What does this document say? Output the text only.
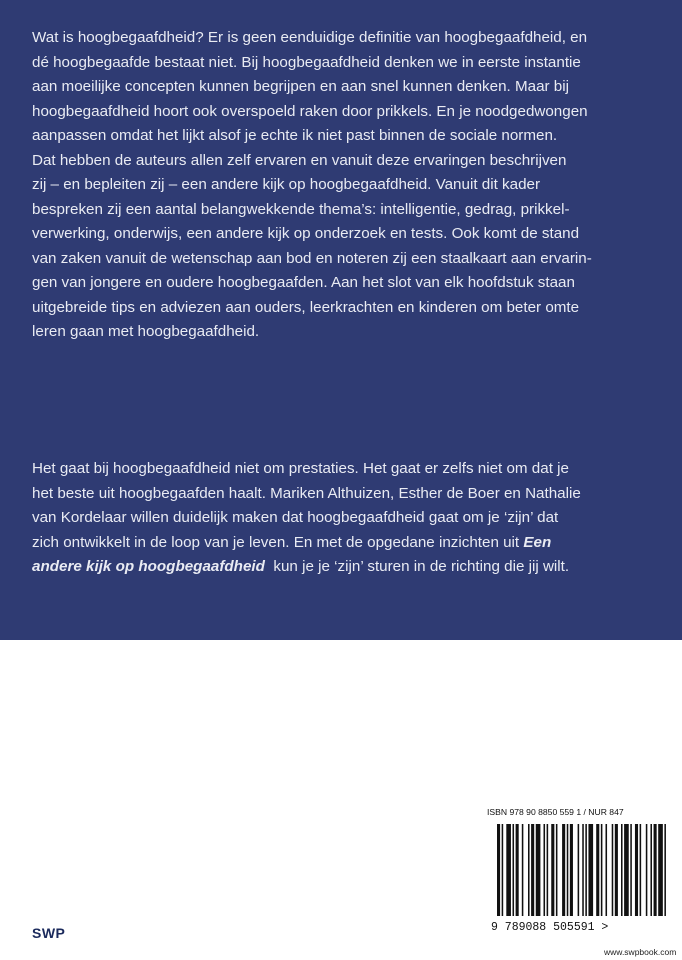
Wat is hoogbegaafdheid? Er is geen eenduidige definitie van hoogbegaafdheid, en
dé hoogbegaafde bestaat niet. Bij hoogbegaafdheid denken we in eerste instantie
aan moeilijke concepten kunnen begrijpen en aan snel kunnen denken. Maar bij
hoogbegaafdheid hoort ook overspoeld raken door prikkels. En je noodgedwongen
aanpassen omdat het lijkt alsof je echte ik niet past binnen de sociale normen.
Dat hebben de auteurs allen zelf ervaren en vanuit deze ervaringen beschrijven
zij – en bepleiten zij – een andere kijk op hoogbegaafdheid. Vanuit dit kader
bespreken zij een aantal belangwekkende thema’s: intelligentie, gedrag, prikkel-
verwerking, onderwijs, een andere kijk op onderzoek en tests. Ook komt de stand
van zaken vanuit de wetenschap aan bod en noteren zij een staalkaart aan ervarin-
gen van jongere en oudere hoogbegaafden. Aan het slot van elk hoofdstuk staan
uitgebreide tips en adviezen aan ouders, leerkrachten en kinderen om beter omte
leren gaan met hoogbegaafdheid.
Het gaat bij hoogbegaafdheid niet om prestaties. Het gaat er zelfs niet om dat je
het beste uit hoogbegaafden haalt. Mariken Althuizen, Esther de Boer en Nathalie
van Kordelaar willen duidelijk maken dat hoogbegaafdheid gaat om je ‘zijn’ dat
zich ontwikkelt in de loop van je leven. En met de opgedane inzichten uit Een
andere kijk op hoogbegaafdheid  kun je je ‘zijn’ sturen in de richting die jij wilt.
ISBN 978 90 8850 559 1 / NUR 847
9 789088 505591 >
SWP
www.swpbook.com
